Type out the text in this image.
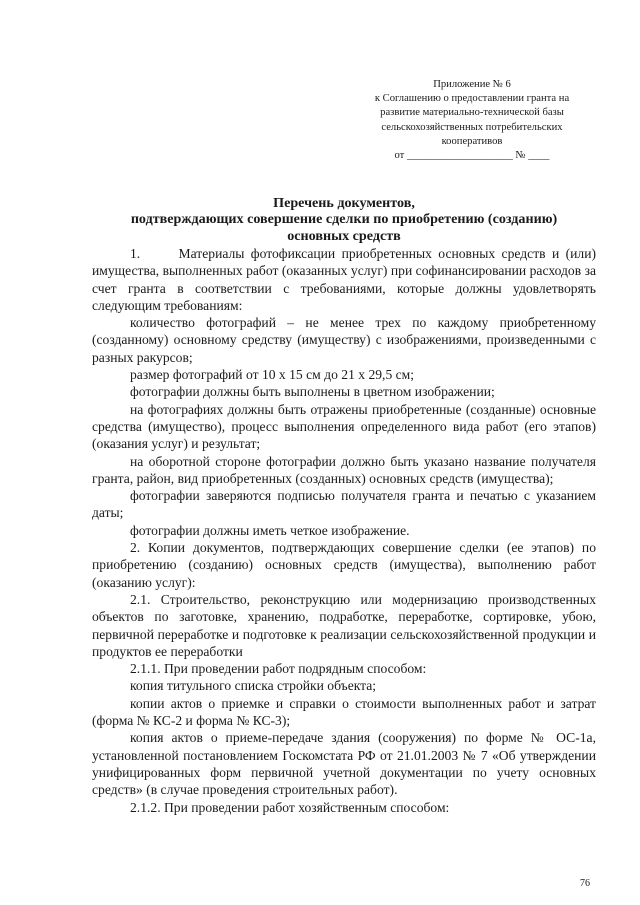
Приложение № 6
к Соглашению о предоставлении гранта на
развитие материально-технической базы
сельскохозяйственных потребительских
кооперативов
от ____________________ № ____
Перечень документов,
подтверждающих совершение сделки по приобретению (созданию)
основных средств

1.      Материалы фотофиксации приобретенных основных средств и (или) имущества, выполненных работ (оказанных услуг) при софинансировании расходов за счет гранта в соответствии с требованиями, которые должны удовлетворять следующим требованиям:

количество фотографий – не менее трех по каждому приобретенному (созданному) основному средству (имуществу) с изображениями, произведенными с разных ракурсов;

размер фотографий от 10 x 15 см до 21 x 29,5 см;

фотографии должны быть выполнены в цветном изображении;

на фотографиях должны быть отражены приобретенные (созданные) основные средства (имущество), процесс выполнения определенного вида работ (его этапов) (оказания услуг) и результат;

на оборотной стороне фотографии должно быть указано название получателя гранта, район, вид приобретенных (созданных) основных средств (имущества);

фотографии заверяются подписью получателя гранта и печатью с указанием даты;

фотографии должны иметь четкое изображение.

2. Копии документов, подтверждающих совершение сделки (ее этапов) по приобретению (созданию) основных средств (имущества), выполнению работ (оказанию услуг):

2.1. Строительство, реконструкцию или модернизацию производственных объектов по заготовке, хранению, подработке, переработке, сортировке, убою, первичной переработке и подготовке к реализации сельскохозяйственной продукции и продуктов ее переработки

2.1.1. При проведении работ подрядным способом:

копия титульного списка стройки объекта;

копии актов о приемке и справки о стоимости выполненных работ и затрат (форма № КС-2 и форма № КС-3);

копия актов о приеме-передаче здания (сооружения) по форме № ОС-1а, установленной постановлением Госкомстата РФ от 21.01.2003 № 7 «Об утверждении унифицированных форм первичной учетной документации по учету основных средств» (в случае проведения строительных работ).

2.1.2. При проведении работ хозяйственным способом:

76
